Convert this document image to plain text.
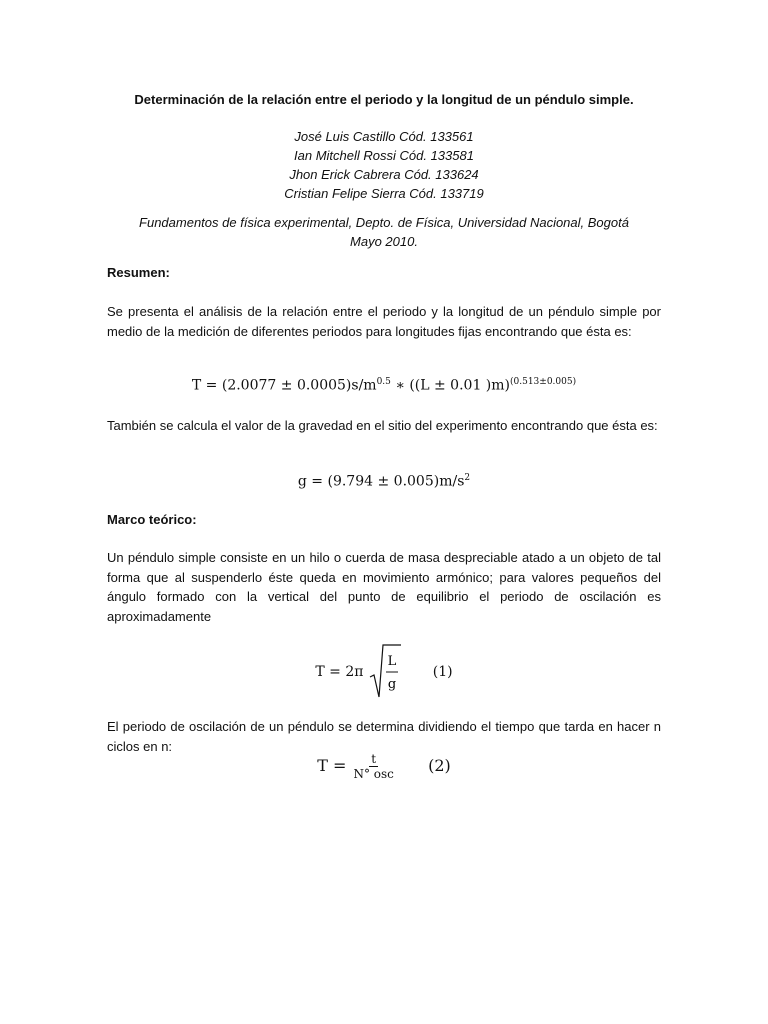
Determinación de la relación entre el periodo y la longitud de un péndulo simple.
José Luis Castillo Cód. 133561
Ian Mitchell Rossi Cód. 133581
Jhon Erick Cabrera Cód. 133624
Cristian Felipe Sierra Cód. 133719
Fundamentos de física experimental, Depto. de Física, Universidad Nacional, Bogotá
Mayo 2010.
Resumen:
Se presenta el análisis de la relación entre el periodo y la longitud de un péndulo simple por medio de la medición de diferentes periodos para longitudes fijas encontrando que ésta es:
$T = (2.0077 \pm 0.0005)s/m^{0.5}$ ∗ ((L ± 0.01 )m)$^{(0.513\pm 0.005)}$
También se calcula el valor de la gravedad en el sitio del experimento encontrando que ésta es:
$g = (9.794 \pm 0.005)m/s^2$
Marco teórico:
Un péndulo simple consiste en un hilo o cuerda de masa despreciable atado a un objeto de tal forma que al suspenderlo éste queda en movimiento armónico; para valores pequeños del ángulo formado con la vertical del punto de equilibrio el periodo de oscilación es aproximadamente
T = 2π
L
g
(1)
El periodo de oscilación de un péndulo se determina dividiendo el tiempo que tarda en hacer n ciclos en n:
$T = \frac{t}{\text{N° osc}} (2)$
